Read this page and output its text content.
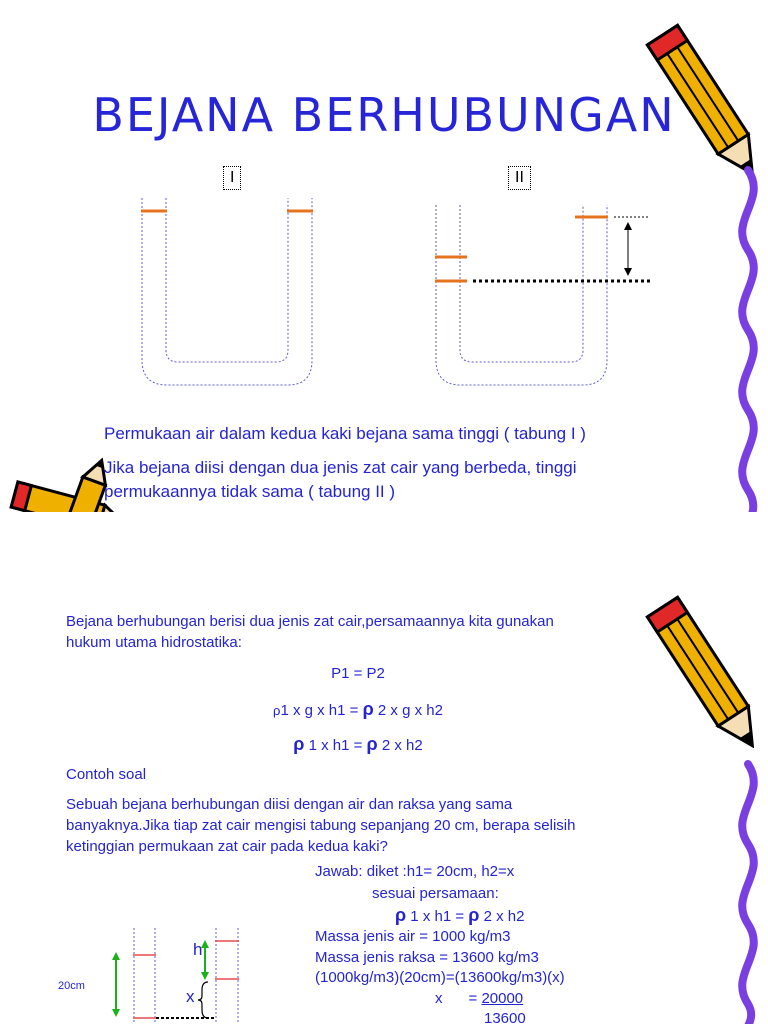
BEJANA BERHUBUNGAN
I	II
Permukaan air dalam kedua kaki bejana sama tinggi ( tabung I )
Jika bejana diisi dengan dua jenis zat cair yang berbeda, tinggi
permukaannya tidak sama ( tabung II )
Bejana berhubungan berisi dua jenis zat cair,persamaannya kita gunakan
hukum utama hidrostatika:
P1 = P2
ρ1 x g x h1 = ρ 2 x g x h2
ρ 1 x h1 = ρ 2 x h2
Contoh soal
Sebuah bejana berhubungan diisi dengan air dan raksa yang sama
banyaknya.Jika tiap zat cair mengisi tabung sepanjang 20 cm, berapa selisih
ketinggian permukaan zat cair pada kedua kaki?
Jawab: diket :h1= 20cm, h2=x
sesuai persamaan:
ρ 1 x h1 = ρ 2 x h2
Massa jenis air = 1000 kg/m3
Massa jenis raksa = 13600 kg/m3
(1000kg/m3)(20cm)=(13600kg/m3)(x)
x = 20000
13600
20cm
h
x
